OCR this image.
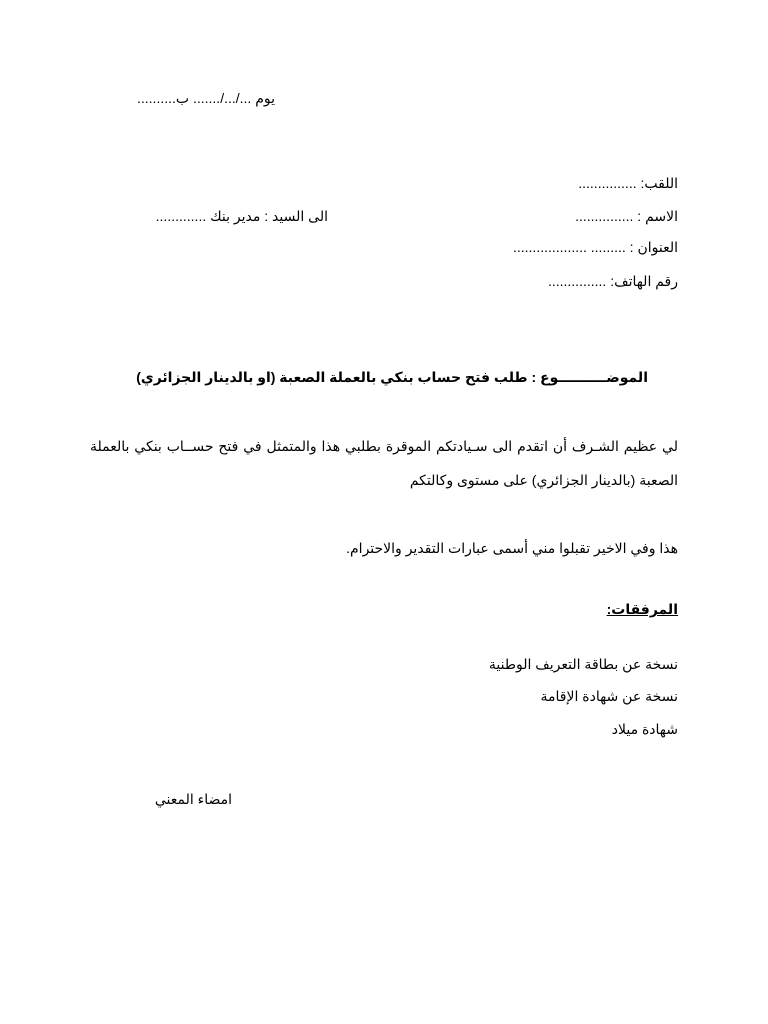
يوم .../.../....... ب..........
اللقب: ...............
الاسم : ...............
الى السيد : مدير بنك .............
العنوان : ......... ...................
رقم الهاتف: ...............
الموضــــــــــوع : طلب فتح حساب بنكي بالعملة الصعبة (او بالدينار الجزائري)
لي عظيم الشـرف أن اتقدم الى سـيادتكم الموقرة بطلبي هذا والمتمثل في فتح حســاب بنكي بالعملة الصعبة (بالدينار الجزائري) على مستوى وكالتكم
هذا وفي الاخير تقبلوا مني أسمى عبارات التقدير والاحترام.
المرفقات:
نسخة عن بطاقة التعريف الوطنية
نسخة عن شهادة الإقامة
شهادة ميلاد
امضاء المعني
